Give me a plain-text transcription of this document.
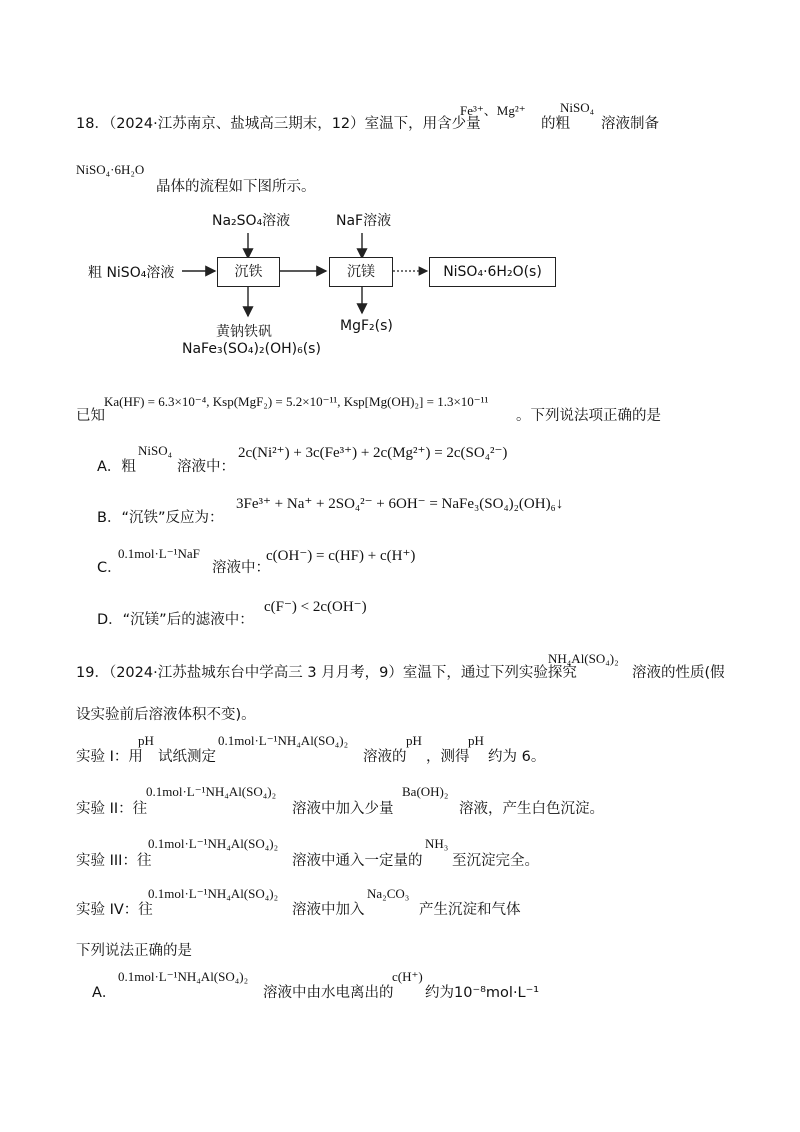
18．（2024·江苏南京、盐城高三期末，12）室温下，用含少量
Fe³⁺、Mg²⁺
的粗
NiSO₄
溶液制备
NiSO₄·6H₂O
晶体的流程如下图所示。
粗 NiSO₄溶液
Na₂SO₄溶液
沉铁
NaF溶液
沉镁	NiSO₄·6H₂O(s)
黄钠铁矾
NaFe₃(SO₄)₂(OH)₆(s)
MgF₂(s)
已知
Ka(HF) = 6.3×10⁻⁴, Ksp(MgF₂) = 5.2×10⁻¹¹, Ksp[Mg(OH)₂] = 1.3×10⁻¹¹
。下列说法项正确的是
A．粗
NiSO₄
溶液中：
2c(Ni²⁺) + 3c(Fe³⁺) + 2c(Mg²⁺) = 2c(SO₄²⁻)
B．“沉铁”反应为：
3Fe³⁺ + Na⁺ + 2SO₄²⁻ + 6OH⁻ = NaFe₃(SO₄)₂(OH)₆↓
C．
0.1mol·L⁻¹NaF
溶液中：
c(OH⁻) = c(HF) + c(H⁺)
D．“沉镁”后的滤液中：
c(F⁻) < 2c(OH⁻)
19．（2024·江苏盐城东台中学高三 3 月月考，9）室温下，通过下列实验探究
NH₄Al(SO₄)₂
溶液的性质(假
设实验前后溶液体积不变)。
实验 I：用
pH
试纸测定
0.1mol·L⁻¹NH₄Al(SO₄)₂
溶液的
pH
，测得
pH
约为 6。
实验 II：往
0.1mol·L⁻¹NH₄Al(SO₄)₂
溶液中加入少量
Ba(OH)₂
溶液，产生白色沉淀。
实验 III：往
0.1mol·L⁻¹NH₄Al(SO₄)₂
溶液中通入一定量的
NH₃
至沉淀完全。
实验 IV：往
0.1mol·L⁻¹NH₄Al(SO₄)₂
溶液中加入
Na₂CO₃
产生沉淀和气体
下列说法正确的是
A．
0.1mol·L⁻¹NH₄Al(SO₄)₂
溶液中由水电离出的
c(H⁺)
约为10⁻⁸mol·L⁻¹
